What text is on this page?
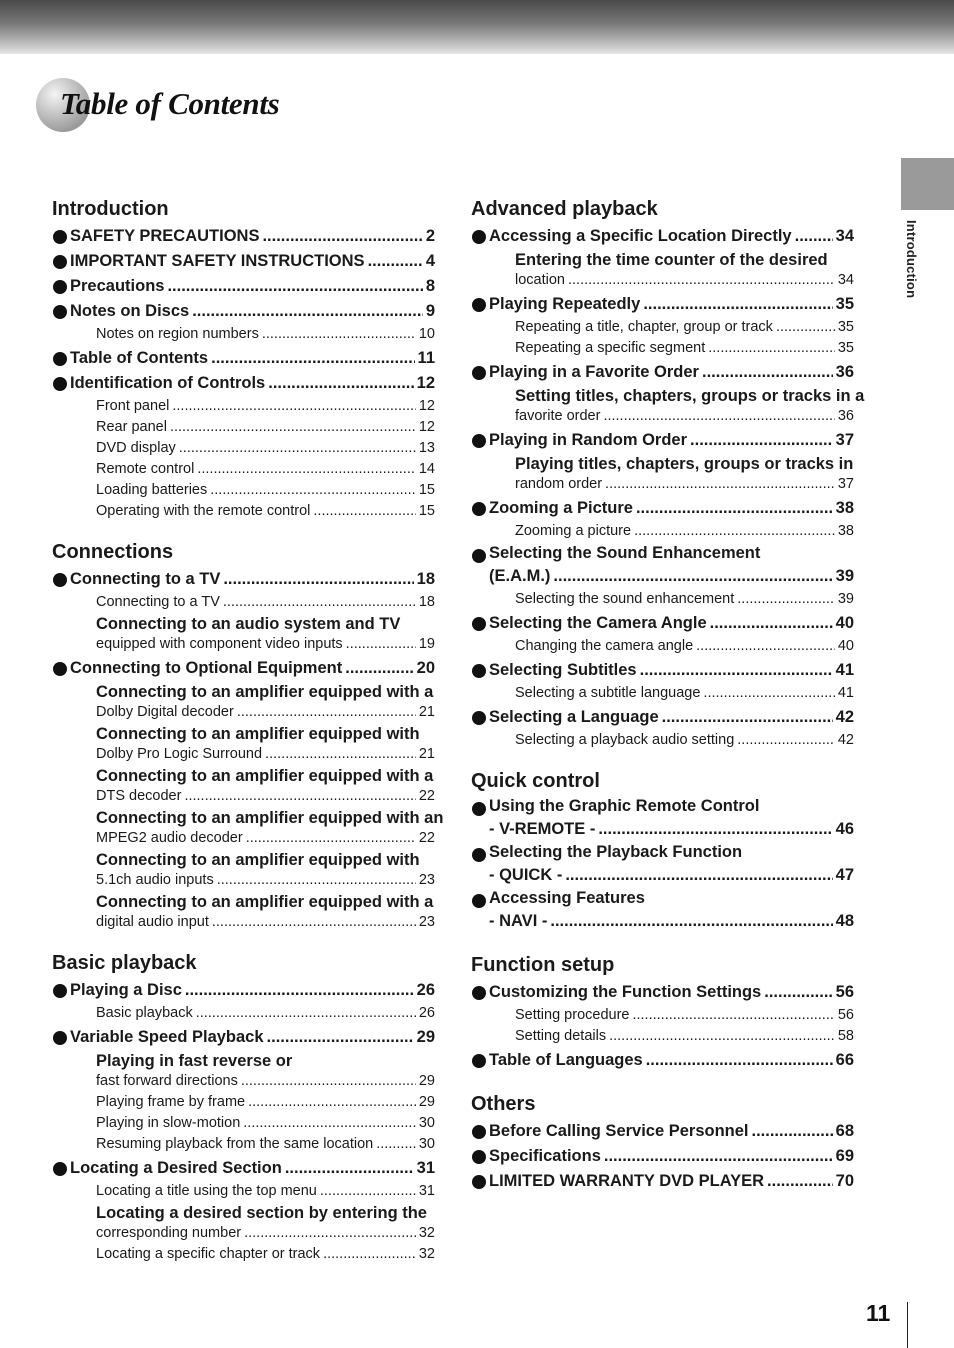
Table of Contents
Introduction
Introduction
SAFETY PRECAUTIONS .....	2
IMPORTANT SAFETY INSTRUCTIONS .....	4
Precautions .....	8
Notes on Discs .....	9
Notes on region numbers .....	10
Table of Contents .....	11
Identification of Controls .....	12
Front panel .....	12
Rear panel .....	12
DVD display .....	13
Remote control .....	14
Loading batteries .....	15
Operating with the remote control .....	15
Connections
Connecting to a TV .....	18
Connecting to a TV .....	18
Connecting to an audio system and TV
equipped with component video inputs .....	19
Connecting to Optional Equipment .....	20
Connecting to an amplifier equipped with a
Dolby Digital decoder .....	21
Connecting to an amplifier equipped with
Dolby Pro Logic Surround .....	21
Connecting to an amplifier equipped with a
DTS decoder .....	22
Connecting to an amplifier equipped with an
MPEG2 audio decoder .....	22
Connecting to an amplifier equipped with
5.1ch audio inputs .....	23
Connecting to an amplifier equipped with a
digital audio input .....	23
Basic playback
Playing a Disc .....	26
Basic playback .....	26
Variable Speed Playback .....	29
Playing in fast reverse or
fast forward directions .....	29
Playing frame by frame .....	29
Playing in slow-motion .....	30
Resuming playback from the same location .....	30
Locating a Desired Section .....	31
Locating a title using the top menu .....	31
Locating a desired section by entering the
corresponding number .....	32
Locating a specific chapter or track .....	32
Advanced playback
Accessing a Specific Location Directly .....	34
Entering the time counter of the desired
location .....	34
Playing Repeatedly .....	35
Repeating a title, chapter, group or track .....	35
Repeating a specific segment .....	35
Playing in a Favorite Order .....	36
Setting titles, chapters, groups or tracks in a
favorite order .....	36
Playing in Random Order .....	37
Playing titles, chapters, groups or tracks in
random order .....	37
Zooming a Picture .....	38
Zooming a picture .....	38
Selecting the Sound Enhancement
(E.A.M.) .....	39
Selecting the sound enhancement .....	39
Selecting the Camera Angle .....	40
Changing the camera angle .....	40
Selecting Subtitles .....	41
Selecting a subtitle language .....	41
Selecting a Language .....	42
Selecting a playback audio setting .....	42
Quick control
Using the Graphic Remote Control
- V-REMOTE - .....	46
Selecting the Playback Function
- QUICK - .....	47
Accessing Features
- NAVI - .....	48
Function setup
Customizing the Function Settings .....	56
Setting procedure .....	56
Setting details .....	58
Table of Languages .....	66
Others
Before Calling Service Personnel .....	68
Specifications .....	69
LIMITED WARRANTY DVD PLAYER .....	70
11
